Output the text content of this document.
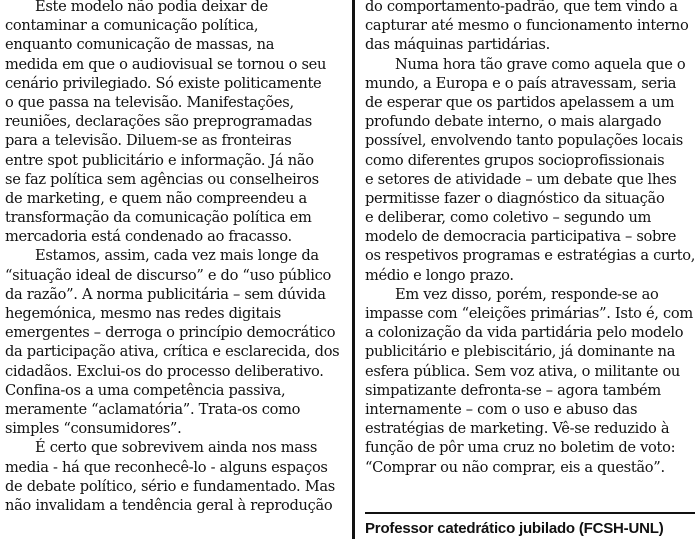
Este modelo não podia deixar de
contaminar a comunicação política,
enquanto comunicação de massas, na
medida em que o audiovisual se tornou o seu
cenário privilegiado. Só existe politicamente
o que passa na televisão. Manifestações,
reuniões, declarações são preprogramadas
para a televisão. Diluem-se as fronteiras
entre spot publicitário e informação. Já não
se faz política sem agências ou conselheiros
de marketing, e quem não compreendeu a
transformação da comunicação política em
mercadoria está condenado ao fracasso.
Estamos, assim, cada vez mais longe da
“situação ideal de discurso” e do “uso público
da razão”. A norma publicitária – sem dúvida
hegemónica, mesmo nas redes digitais
emergentes – derroga o princípio democrático
da participação ativa, crítica e esclarecida, dos
cidadãos. Exclui-os do processo deliberativo.
Confina-os a uma competência passiva,
meramente “aclamatória”. Trata-os como
simples “consumidores”.
É certo que sobrevivem ainda nos mass
media - há que reconhecê-lo - alguns espaços
de debate político, sério e fundamentado. Mas
não invalidam a tendência geral à reprodução
do comportamento-padrão, que tem vindo a
capturar até mesmo o funcionamento interno
das máquinas partidárias.
Numa hora tão grave como aquela que o
mundo, a Europa e o país atravessam, seria
de esperar que os partidos apelassem a um
profundo debate interno, o mais alargado
possível, envolvendo tanto populações locais
como diferentes grupos socioprofissionais
e setores de atividade – um debate que lhes
permitisse fazer o diagnóstico da situação
e deliberar, como coletivo – segundo um
modelo de democracia participativa – sobre
os respetivos programas e estratégias a curto,
médio e longo prazo.
Em vez disso, porém, responde-se ao
impasse com “eleições primárias”. Isto é, com
a colonização da vida partidária pelo modelo
publicitário e plebiscitário, já dominante na
esfera pública. Sem voz ativa, o militante ou
simpatizante defronta-se – agora também
internamente – com o uso e abuso das
estratégias de marketing. Vê-se reduzido à
função de pôr uma cruz no boletim de voto:
“Comprar ou não comprar, eis a questão”.
Professor catedrático jubilado (FCSH-UNL)
